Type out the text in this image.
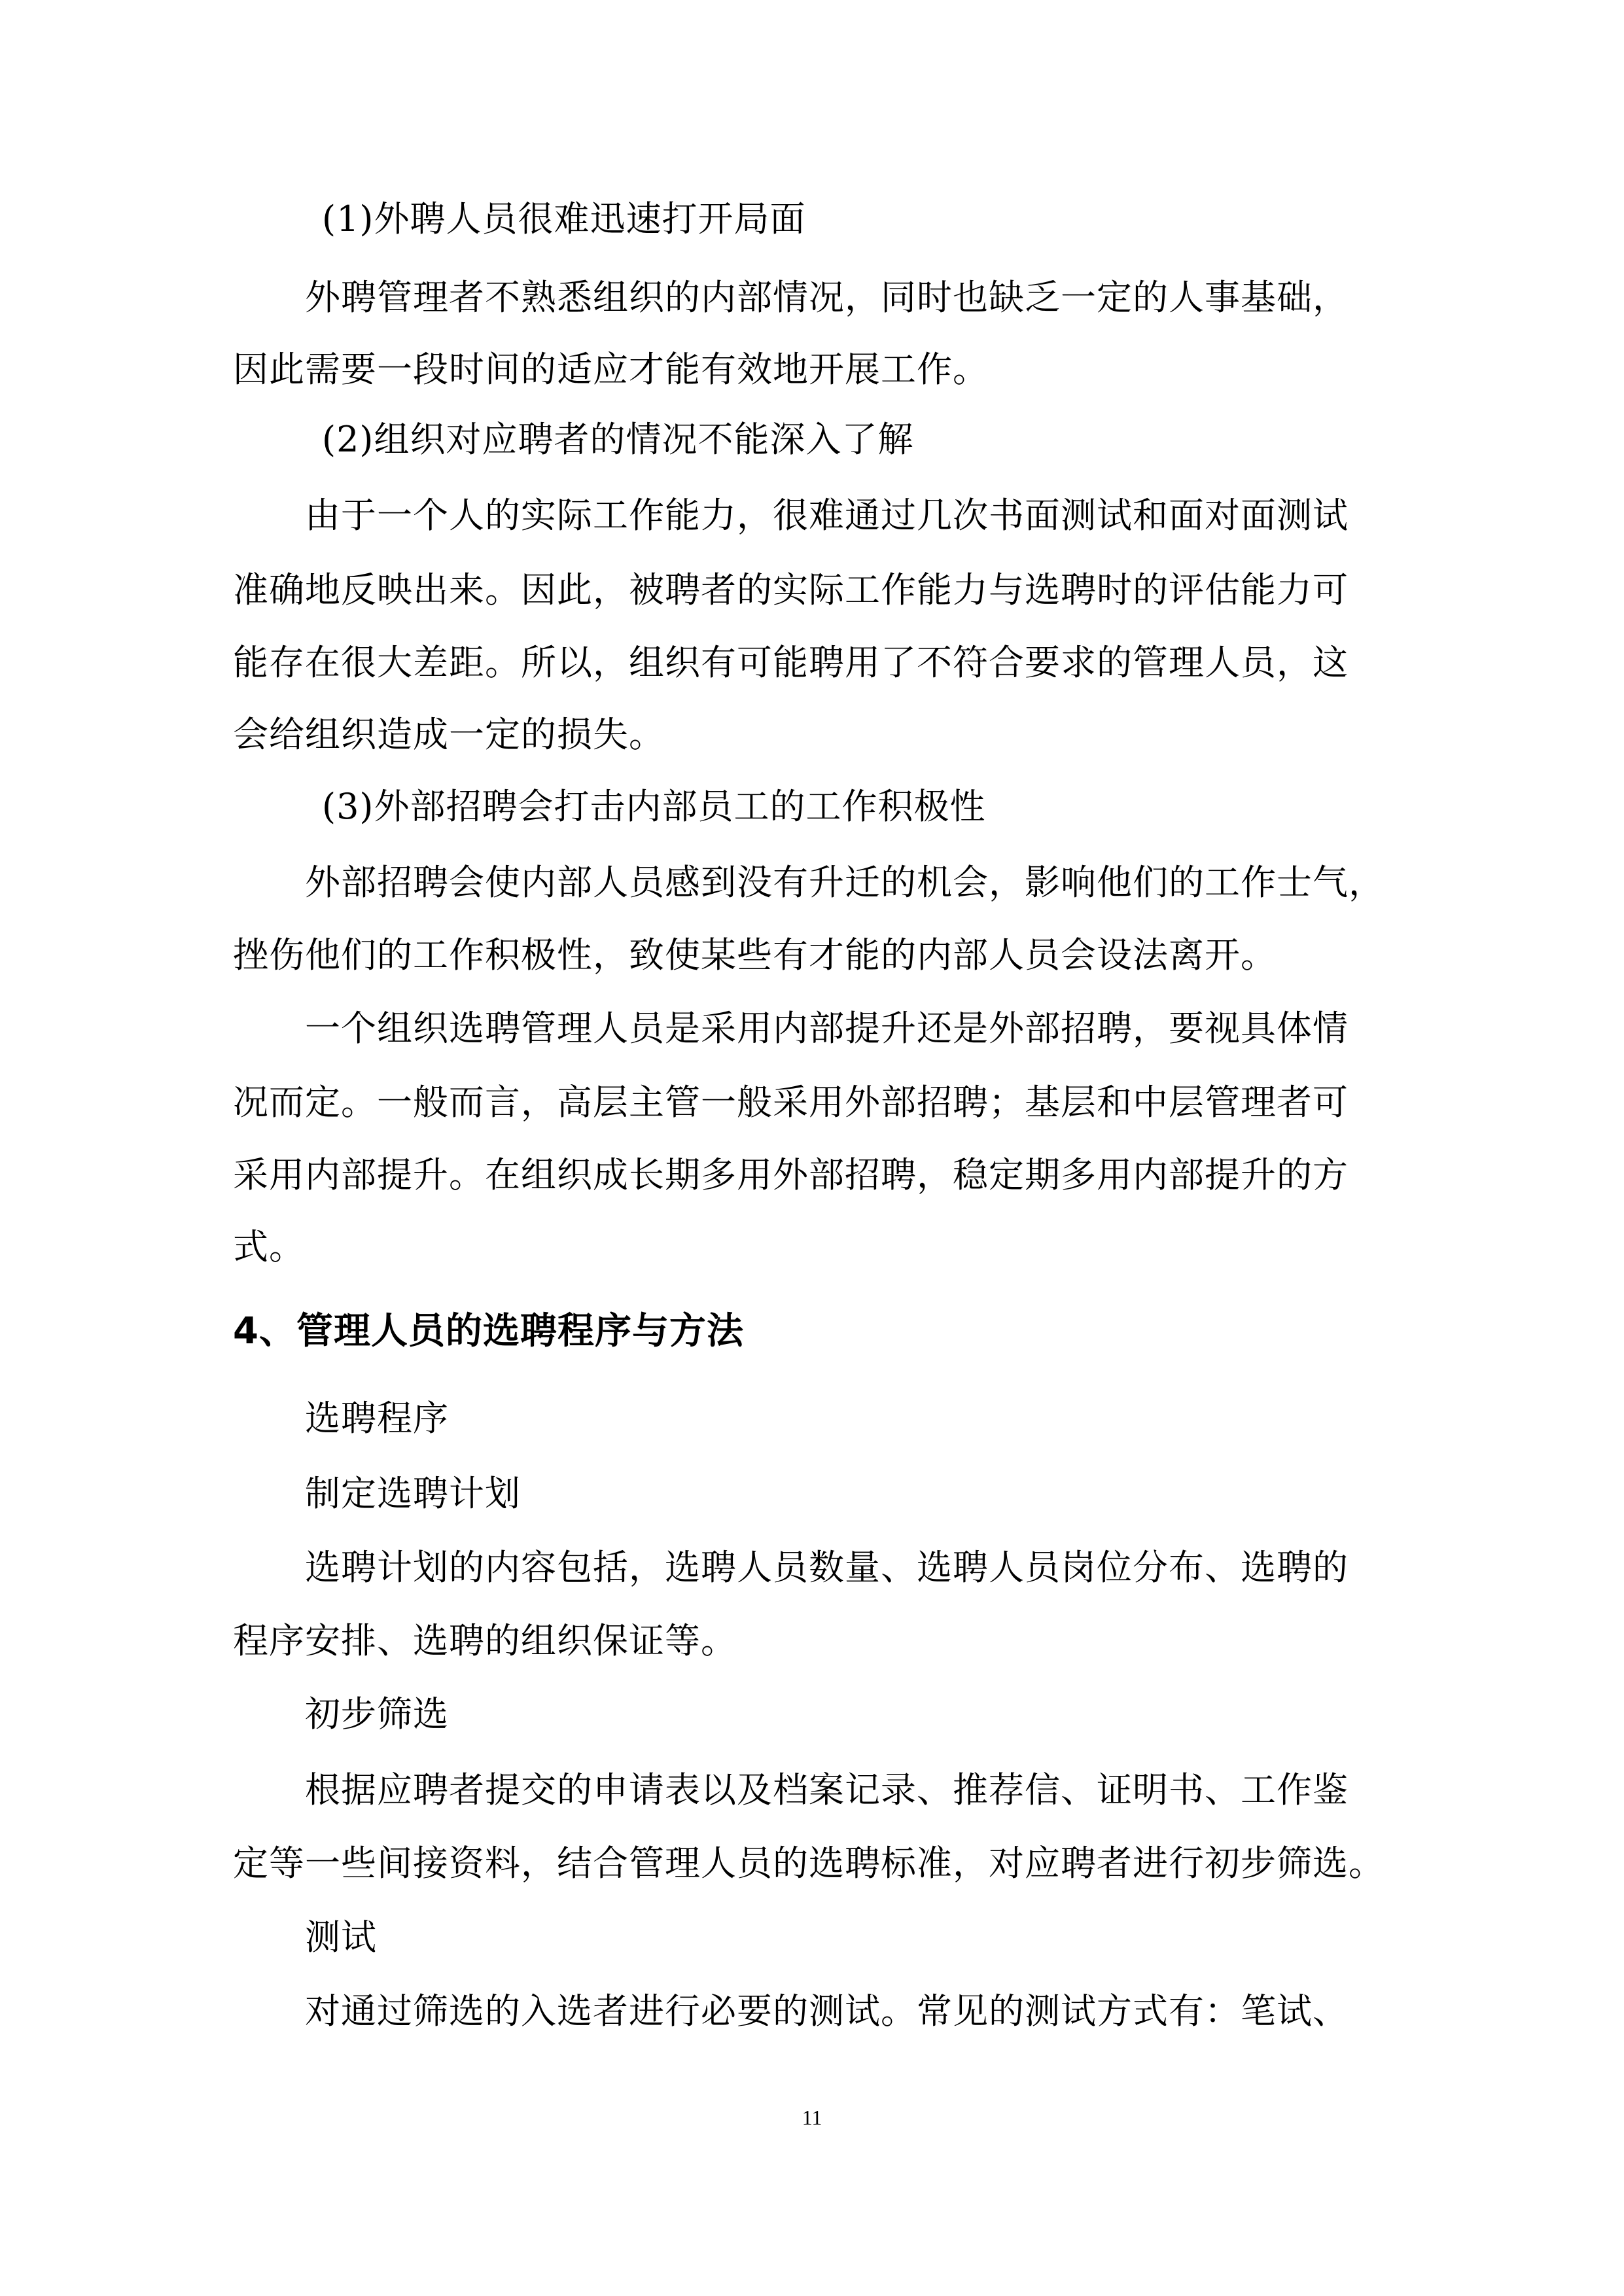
(1)外聘人员很难迅速打开局面
外聘管理者不熟悉组织的内部情况，同时也缺乏一定的人事基础，
因此需要一段时间的适应才能有效地开展工作。
(2)组织对应聘者的情况不能深入了解
由于一个人的实际工作能力，很难通过几次书面测试和面对面测试
准确地反映出来。因此，被聘者的实际工作能力与选聘时的评估能力可
能存在很大差距。所以，组织有可能聘用了不符合要求的管理人员，这
会给组织造成一定的损失。
(3)外部招聘会打击内部员工的工作积极性
外部招聘会使内部人员感到没有升迁的机会，影响他们的工作士气，
挫伤他们的工作积极性，致使某些有才能的内部人员会设法离开。
一个组织选聘管理人员是采用内部提升还是外部招聘，要视具体情
况而定。一般而言，高层主管一般采用外部招聘；基层和中层管理者可
采用内部提升。在组织成长期多用外部招聘，稳定期多用内部提升的方
式。
4、管理人员的选聘程序与方法
选聘程序
制定选聘计划
选聘计划的内容包括，选聘人员数量、选聘人员岗位分布、选聘的
程序安排、选聘的组织保证等。
初步筛选
根据应聘者提交的申请表以及档案记录、推荐信、证明书、工作鉴
定等一些间接资料，结合管理人员的选聘标准，对应聘者进行初步筛选。
测试
对通过筛选的入选者进行必要的测试。常见的测试方式有：笔试、
11
